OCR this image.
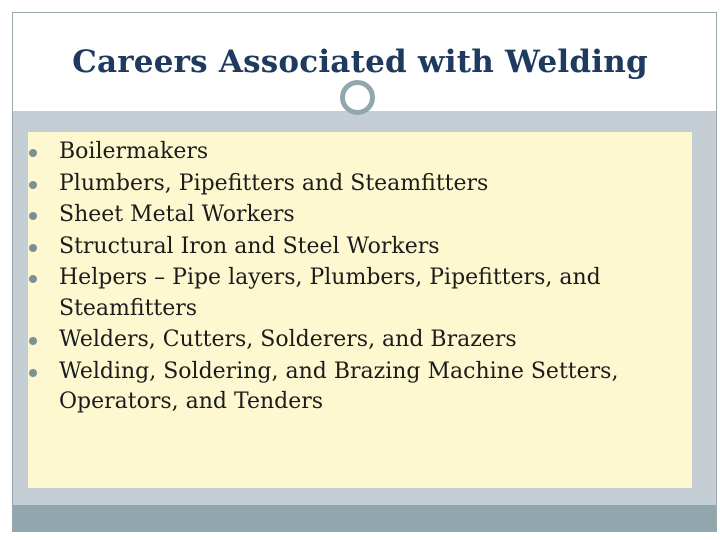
Careers Associated with Welding
Boilermakers
Plumbers, Pipefitters and Steamfitters
Sheet Metal Workers
Structural Iron and Steel Workers
Helpers – Pipe layers, Plumbers, Pipefitters, and Steamfitters
Welders, Cutters, Solderers, and Brazers
Welding, Soldering, and Brazing Machine Setters, Operators, and Tenders
